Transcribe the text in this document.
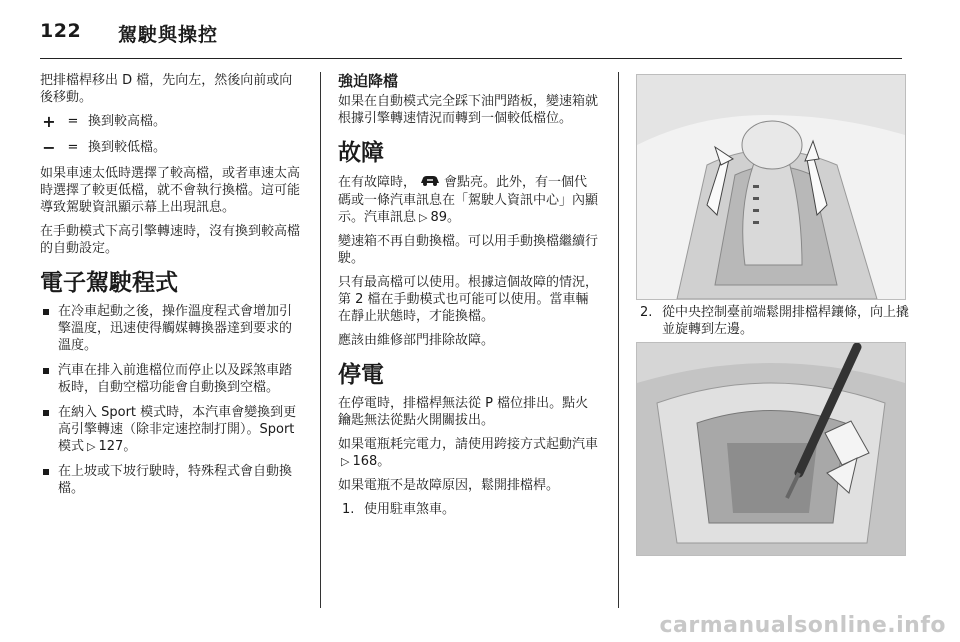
122 駕駛與操控

把排檔桿移出 D 檔，先向左，然後向前或向後移動。

+ = 換到較高檔。
− = 換到較低檔。

如果車速太低時選擇了較高檔，或者車速太高時選擇了較更低檔，就不會執行換檔。這可能導致駕駛資訊顯示幕上出現訊息。

在手動模式下高引擎轉速時，沒有換到較高檔的自動設定。

電子駕駛程式
在冷車起動之後，操作溫度程式會增加引擎溫度，迅速使得觸媒轉換器達到要求的溫度。
汽車在排入前進檔位而停止以及踩煞車踏板時，自動空檔功能會自動換到空檔。
在納入 Sport 模式時，本汽車會變換到更高引擎轉速（除非定速控制打開）。Sport 模式 ▷ 127。
在上坡或下坡行駛時，特殊程式會自動換檔。
強迫降檔

如果在自動模式完全踩下油門踏板，變速箱就根據引擎轉速情況而轉到一個較低檔位。

故障

在有故障時， 會點亮。此外，有一個代碼或一條汽車訊息在「駕駛人資訊中心」內顯示。汽車訊息 ▷ 89。

變速箱不再自動換檔。可以用手動換檔繼續行駛。

只有最高檔可以使用。根據這個故障的情況，第 2 檔在手動模式也可能可以使用。當車輛在靜止狀態時，才能換檔。

應該由維修部門排除故障。

停電

在停電時，排檔桿無法從 P 檔位排出。點火鑰匙無法從點火開關拔出。

如果電瓶耗完電力，請使用跨接方式起動汽車▷ 168。

如果電瓶不是故障原因，鬆開排檔桿。

1. 使用駐車煞車。
2. 從中央控制臺前端鬆開排檔桿鑲條，向上撬並旋轉到左邊。
carmanualsonline.info
